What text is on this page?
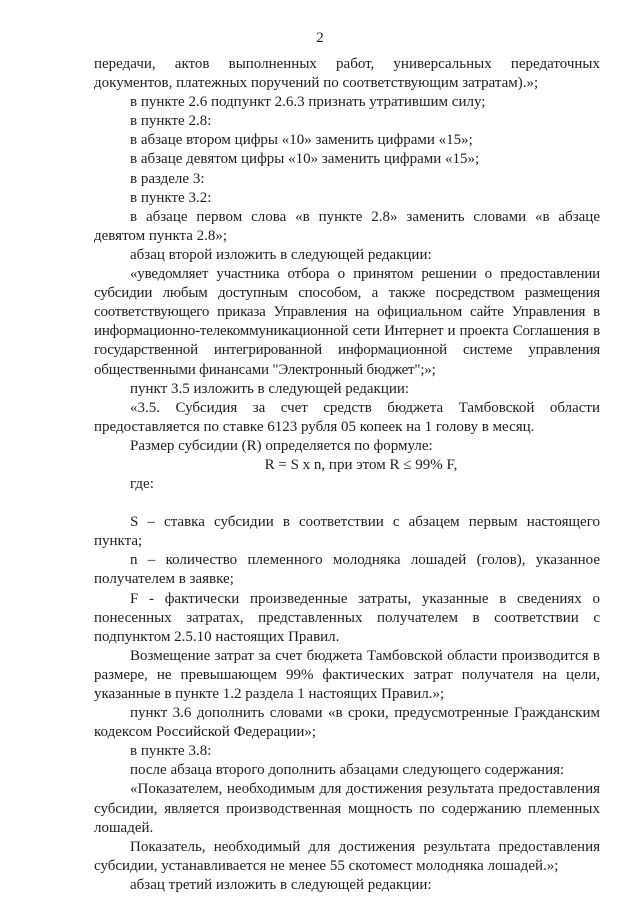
2

передачи, актов выполненных работ, универсальных передаточных

документов, платежных поручений по соответствующим затратам).»;

в пункте 2.6 подпункт 2.6.3 признать утратившим силу;

в пункте 2.8:

в абзаце втором цифры «10» заменить цифрами «15»;

в абзаце девятом цифры «10» заменить цифрами «15»;

в разделе 3:

в пункте 3.2:

в абзаце первом слова «в пункте 2.8» заменить словами «в абзаце девятом пункта 2.8»;

абзац второй изложить в следующей редакции:

«уведомляет участника отбора о принятом решении о предоставлении субсидии любым доступным способом, а также посредством размещения соответствующего приказа Управления на официальном сайте Управления в информационно-телекоммуникационной сети Интернет и проекта Соглашения в государственной интегрированной информационной системе управления общественными финансами "Электронный бюджет";»;

пункт 3.5 изложить в следующей редакции:

«3.5. Субсидия за счет средств бюджета Тамбовской области предоставляется по ставке 6123 рубля 05 копеек на 1 голову в месяц.

Размер субсидии (R) определяется по формуле:

R = S x n, при этом R ≤ 99% F,

где:

S – ставка субсидии в соответствии с абзацем первым настоящего пункта;

n – количество племенного молодняка лошадей (голов), указанное получателем в заявке;

F - фактически произведенные затраты, указанные в сведениях о понесенных затратах, представленных получателем в соответствии с подпунктом 2.5.10 настоящих Правил.

Возмещение затрат за счет бюджета Тамбовской области производится в размере, не превышающем 99% фактических затрат получателя на цели, указанные в пункте 1.2 раздела 1 настоящих Правил.»;

пункт 3.6 дополнить словами «в сроки, предусмотренные Гражданским кодексом Российской Федерации»;

в пункте 3.8:

после абзаца второго дополнить абзацами следующего содержания:

«Показателем, необходимым для достижения результата предоставления субсидии, является производственная мощность по содержанию племенных лошадей.

Показатель, необходимый для достижения результата предоставления субсидии, устанавливается не менее 55 скотомест молодняка лошадей.»;

абзац третий изложить в следующей редакции:
